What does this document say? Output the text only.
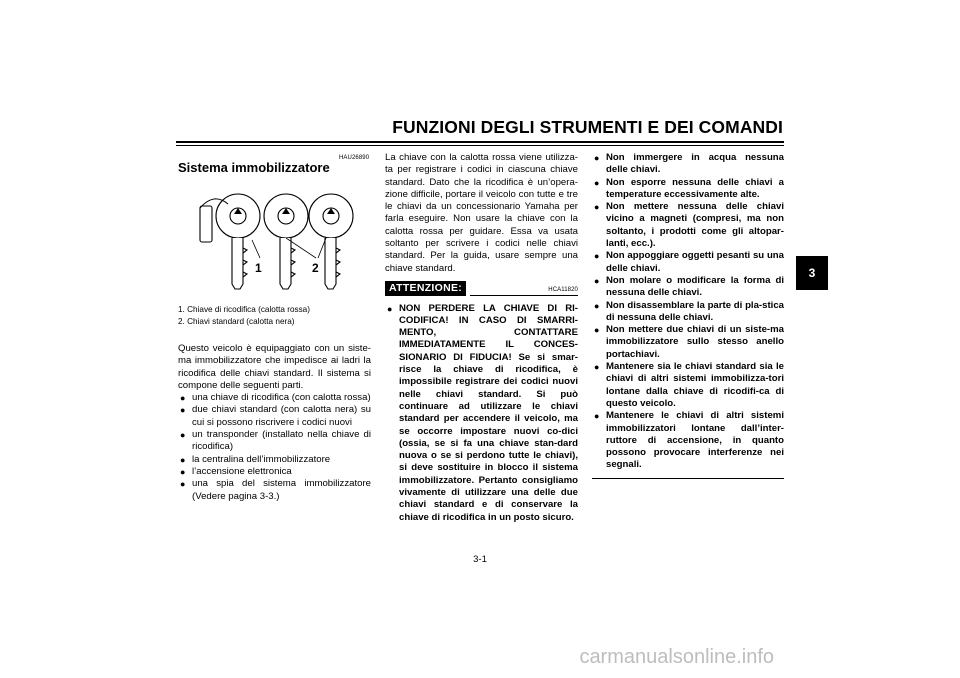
FUNZIONI DEGLI STRUMENTI E DEI COMANDI
3
HAU26890
Sistema immobilizzatore
1	2
1. Chiave di ricodifica (calotta rossa)
2. Chiavi standard (calotta nera)

Questo veicolo è equipaggiato con un siste-ma immobilizzatore che impedisce ai ladri la ricodifica delle chiavi standard. Il sistema si compone delle seguenti parti.

● una chiave di ricodifica (con calotta rossa)
● due chiavi standard (con calotta nera) su cui si possono riscrivere i codici nuovi
● un transponder (installato nella chiave di ricodifica)
● la centralina dell’immobilizzatore
● l’accensione elettronica
● una spia del sistema immobilizzatore (Vedere pagina 3-3.)

La chiave con la calotta rossa viene utilizza-ta per registrare i codici in ciascuna chiave standard. Dato che la ricodifica è un’opera-zione difficile, portare il veicolo con tutte e tre le chiavi da un concessionario Yamaha per farla eseguire. Non usare la chiave con la calotta rossa per guidare. Essa va usata soltanto per scrivere i codici nelle chiavi standard. Per la guida, usare sempre una chiave standard.

ATTENZIONE:	HCA11820
● NON PERDERE LA CHIAVE DI RI-CODIFICA! IN CASO DI SMARRI-MENTO, CONTATTARE IMMEDIATAMENTE IL CONCES-SIONARIO DI FIDUCIA! Se si smar-risce la chiave di ricodifica, è impossibile registrare dei codici nuovi nelle chiavi standard. Si può continuare ad utilizzare le chiavi standard per accendere il veicolo, ma se occorre impostare nuovi co-dici (ossia, se si fa una chiave stan-dard nuova o se si perdono tutte le chiavi), si deve sostituire in blocco il sistema immobilizzatore. Pertanto consigliamo vivamente di utilizzare una delle due chiavi standard e di conservare la chiave di ricodifica in un posto sicuro.
● Non immergere in acqua nessuna delle chiavi.
● Non esporre nessuna delle chiavi a temperature eccessivamente alte.
● Non mettere nessuna delle chiavi vicino a magneti (compresi, ma non soltanto, i prodotti come gli altopar-lanti, ecc.).
● Non appoggiare oggetti pesanti su una delle chiavi.
● Non molare o modificare la forma di nessuna delle chiavi.
● Non disassemblare la parte di pla-stica di nessuna delle chiavi.
● Non mettere due chiavi di un siste-ma immobilizzatore sullo stesso anello portachiavi.
● Mantenere sia le chiavi standard sia le chiavi di altri sistemi immobilizza-tori lontane dalla chiave di ricodifi-ca di questo veicolo.
● Mantenere le chiavi di altri sistemi immobilizzatori lontane dall’inter-ruttore di accensione, in quanto possono provocare interferenze nei segnali.
3-1
carmanualsonline.info
